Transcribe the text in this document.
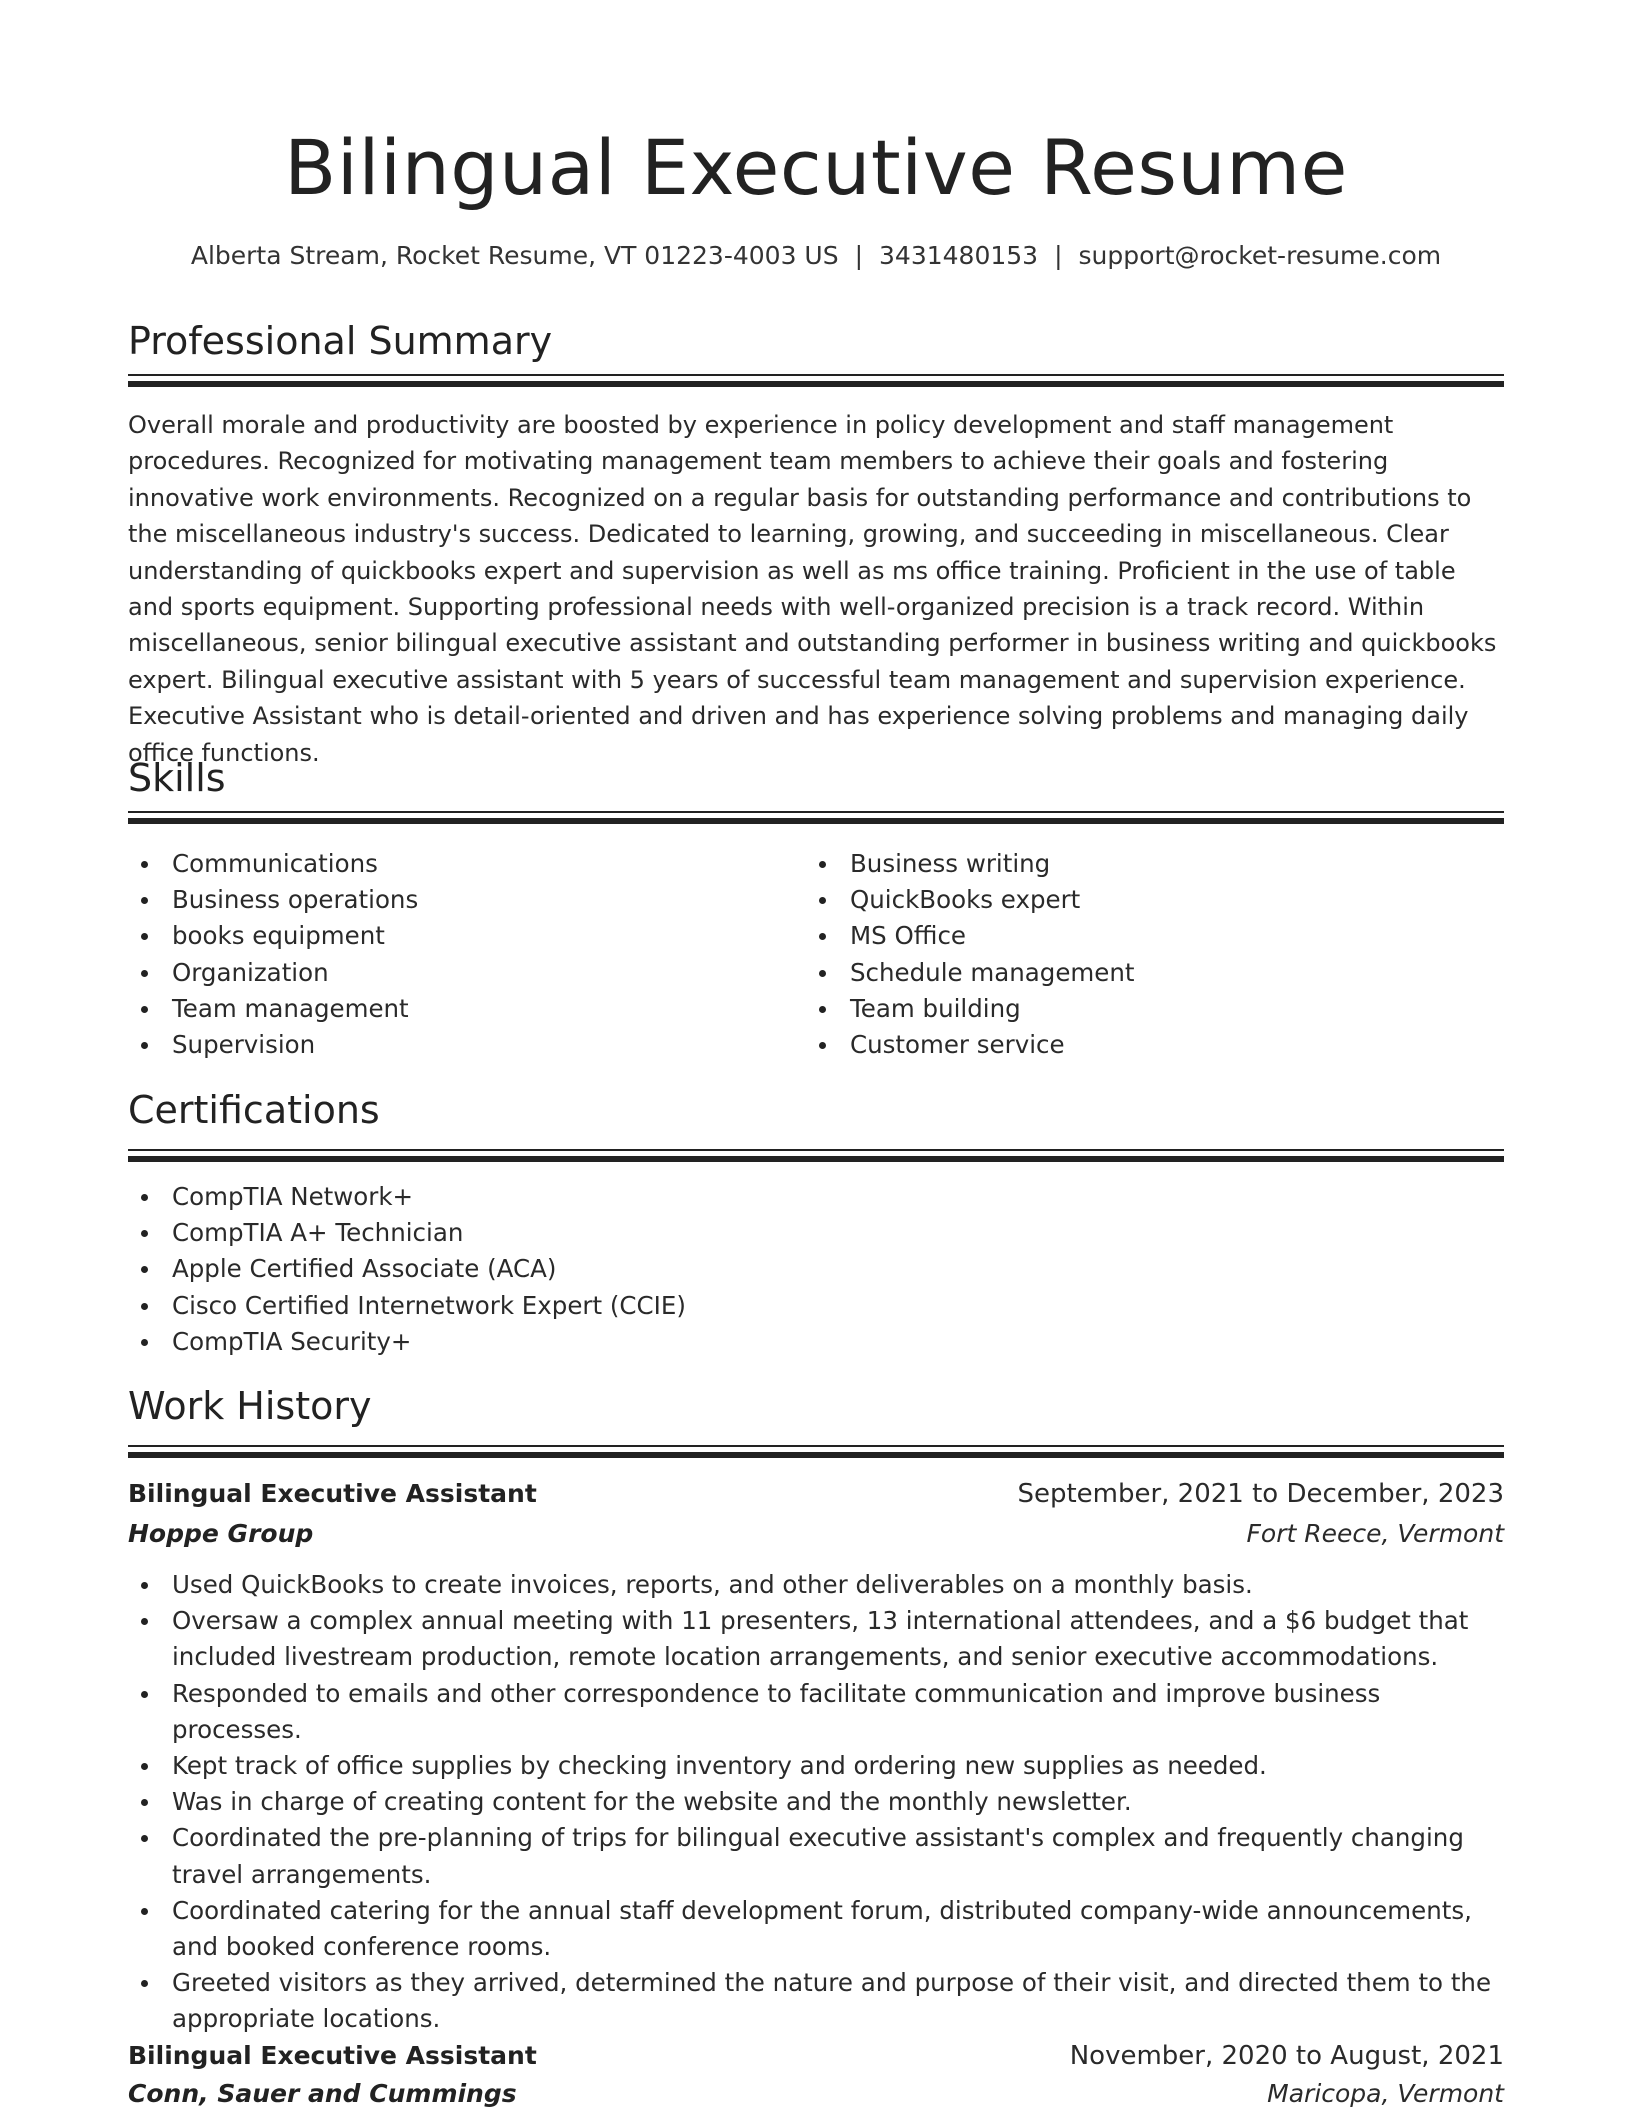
Bilingual Executive Resume
Alberta Stream, Rocket Resume, VT 01223-4003 US | 3431480153 | support@rocket-resume.com
Professional Summary

Overall morale and productivity are boosted by experience in policy development and staff management procedures. Recognized for motivating management team members to achieve their goals and fostering innovative work environments. Recognized on a regular basis for outstanding performance and contributions to the miscellaneous industry's success. Dedicated to learning, growing, and succeeding in miscellaneous. Clear understanding of quickbooks expert and supervision as well as ms office training. Proficient in the use of table and sports equipment. Supporting professional needs with well-organized precision is a track record. Within miscellaneous, senior bilingual executive assistant and outstanding performer in business writing and quickbooks expert. Bilingual executive assistant with 5 years of successful team management and supervision experience. Executive Assistant who is detail-oriented and driven and has experience solving problems and managing daily office functions.

Skills
Communications
Business operations
books equipment
Organization
Team management
Supervision
Business writing
QuickBooks expert
MS Office
Schedule management
Team building
Customer service
Certifications
CompTIA Network+
CompTIA A+ Technician
Apple Certified Associate (ACA)
Cisco Certified Internetwork Expert (CCIE)
CompTIA Security+
Work History
Bilingual Executive Assistant	September, 2021 to December, 2023
Hoppe Group	Fort Reece, Vermont
Used QuickBooks to create invoices, reports, and other deliverables on a monthly basis.
Oversaw a complex annual meeting with 11 presenters, 13 international attendees, and a $6 budget that included livestream production, remote location arrangements, and senior executive accommodations.
Responded to emails and other correspondence to facilitate communication and improve business processes.
Kept track of office supplies by checking inventory and ordering new supplies as needed.
Was in charge of creating content for the website and the monthly newsletter.
Coordinated the pre-planning of trips for bilingual executive assistant's complex and frequently changing travel arrangements.
Coordinated catering for the annual staff development forum, distributed company-wide announcements, and booked conference rooms.
Greeted visitors as they arrived, determined the nature and purpose of their visit, and directed them to the appropriate locations.
Bilingual Executive Assistant	November, 2020 to August, 2021
Conn, Sauer and Cummings	Maricopa, Vermont
